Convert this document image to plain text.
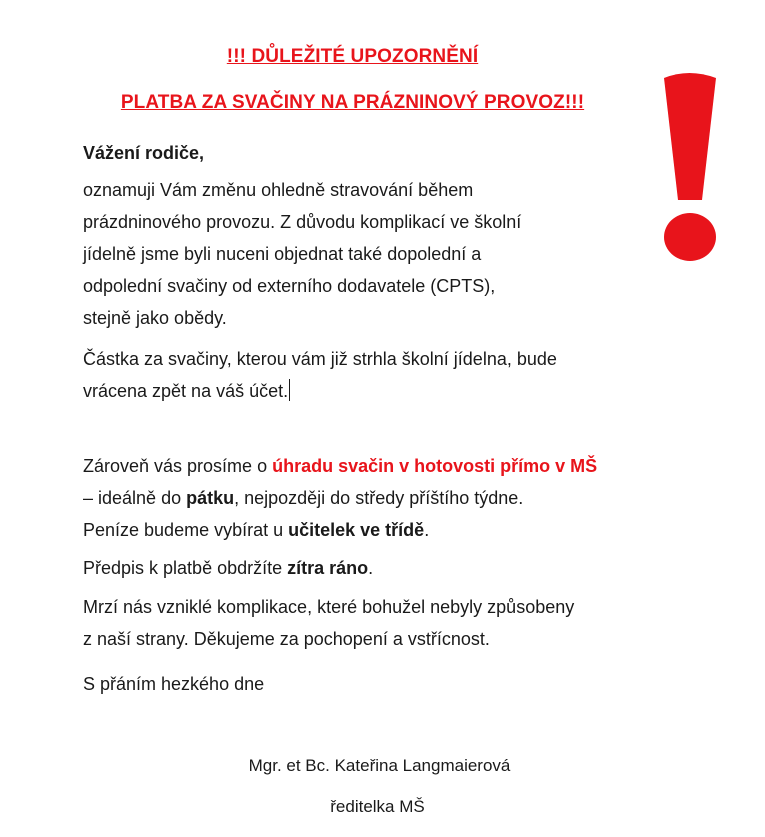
!!! DŮLEŽITÉ UPOZORNĚNÍ
PLATBA ZA SVAČINY NA PRÁZNINOVÝ PROVOZ!!!

Vážení rodiče,

oznamuji Vám změnu ohledně stravování během
prázdninového provozu. Z důvodu komplikací ve školní
jídelně jsme byli nuceni objednat také dopolední a
odpolední svačiny od externího dodavatele (CPTS),
stejně jako obědy.
Částka za svačiny, kterou vám již strhla školní jídelna, bude
vrácena zpět na váš účet.
Zároveň vás prosíme o úhradu svačin v hotovosti přímo v MŠ
– ideálně do pátku, nejpozději do středy příštího týdne.
Peníze budeme vybírat u učitelek ve třídě.
Předpis k platbě obdržíte zítra ráno.
Mrzí nás vzniklé komplikace, které bohužel nebyly způsobeny
z naší strany. Děkujeme za pochopení a vstřícnost.
S přáním hezkého dne
Mgr. et Bc. Kateřina Langmaierová
ředitelka MŠ
